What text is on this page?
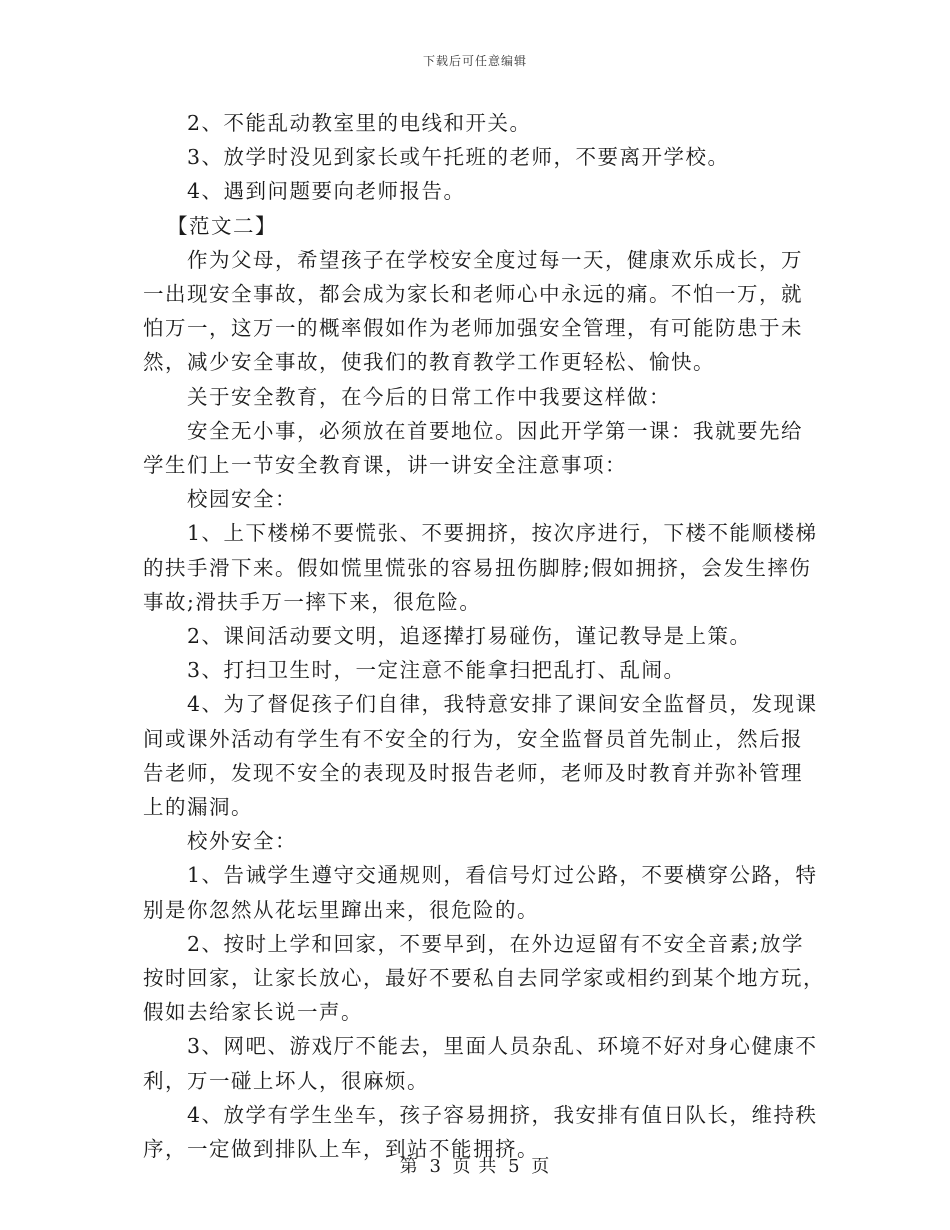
下载后可任意编辑
2、不能乱动教室里的电线和开关。
3、放学时没见到家长或午托班的老师，不要离开学校。
4、遇到问题要向老师报告。
【范文二】
作为父母，希望孩子在学校安全度过每一天，健康欢乐成长，万
一出现安全事故，都会成为家长和老师心中永远的痛。不怕一万，就
怕万一，这万一的概率假如作为老师加强安全管理，有可能防患于未
然，减少安全事故，使我们的教育教学工作更轻松、愉快。
关于安全教育，在今后的日常工作中我要这样做：
安全无小事，必须放在首要地位。因此开学第一课：我就要先给
学生们上一节安全教育课，讲一讲安全注意事项：
校园安全：
1、上下楼梯不要慌张、不要拥挤，按次序进行，下楼不能顺楼梯
的扶手滑下来。假如慌里慌张的容易扭伤脚脖;假如拥挤，会发生摔伤
事故;滑扶手万一摔下来，很危险。
2、课间活动要文明，追逐撵打易碰伤，谨记教导是上策。
3、打扫卫生时，一定注意不能拿扫把乱打、乱闹。
4、为了督促孩子们自律，我特意安排了课间安全监督员，发现课
间或课外活动有学生有不安全的行为，安全监督员首先制止，然后报
告老师，发现不安全的表现及时报告老师，老师及时教育并弥补管理
上的漏洞。
校外安全：
1、告诫学生遵守交通规则，看信号灯过公路，不要横穿公路，特
别是你忽然从花坛里蹿出来，很危险的。
2、按时上学和回家，不要早到，在外边逗留有不安全音素;放学
按时回家，让家长放心，最好不要私自去同学家或相约到某个地方玩，
假如去给家长说一声。
3、网吧、游戏厅不能去，里面人员杂乱、环境不好对身心健康不
利，万一碰上坏人，很麻烦。
4、放学有学生坐车，孩子容易拥挤，我安排有值日队长，维持秩
序，一定做到排队上车，到站不能拥挤。
第 3 页 共 5 页
